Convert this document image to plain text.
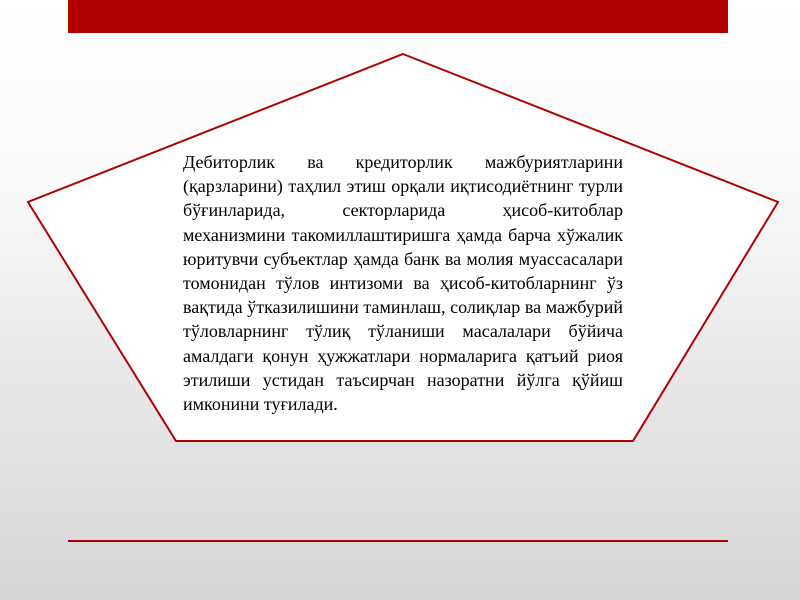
Дебиторлик ва кредиторлик мажбуриятларини (қарзларини) таҳлил этиш орқали иқтисодиётнинг турли бўғинларида, секторларида ҳисоб-китоблар механизмини такомиллаштиришга ҳамда барча хўжалик юритувчи субъектлар ҳамда банк ва молия муассасалари томонидан тўлов интизоми ва ҳисоб-китобларнинг ўз вақтида ўтказилишини таминлаш, солиқлар ва мажбурий тўловларнинг тўлиқ тўланиши масалалари бўйича амалдаги қонун ҳужжатлари нормаларига қатъий риоя этилиши устидан таъсирчан назоратни йўлга қўйиш имконини туғилади.
